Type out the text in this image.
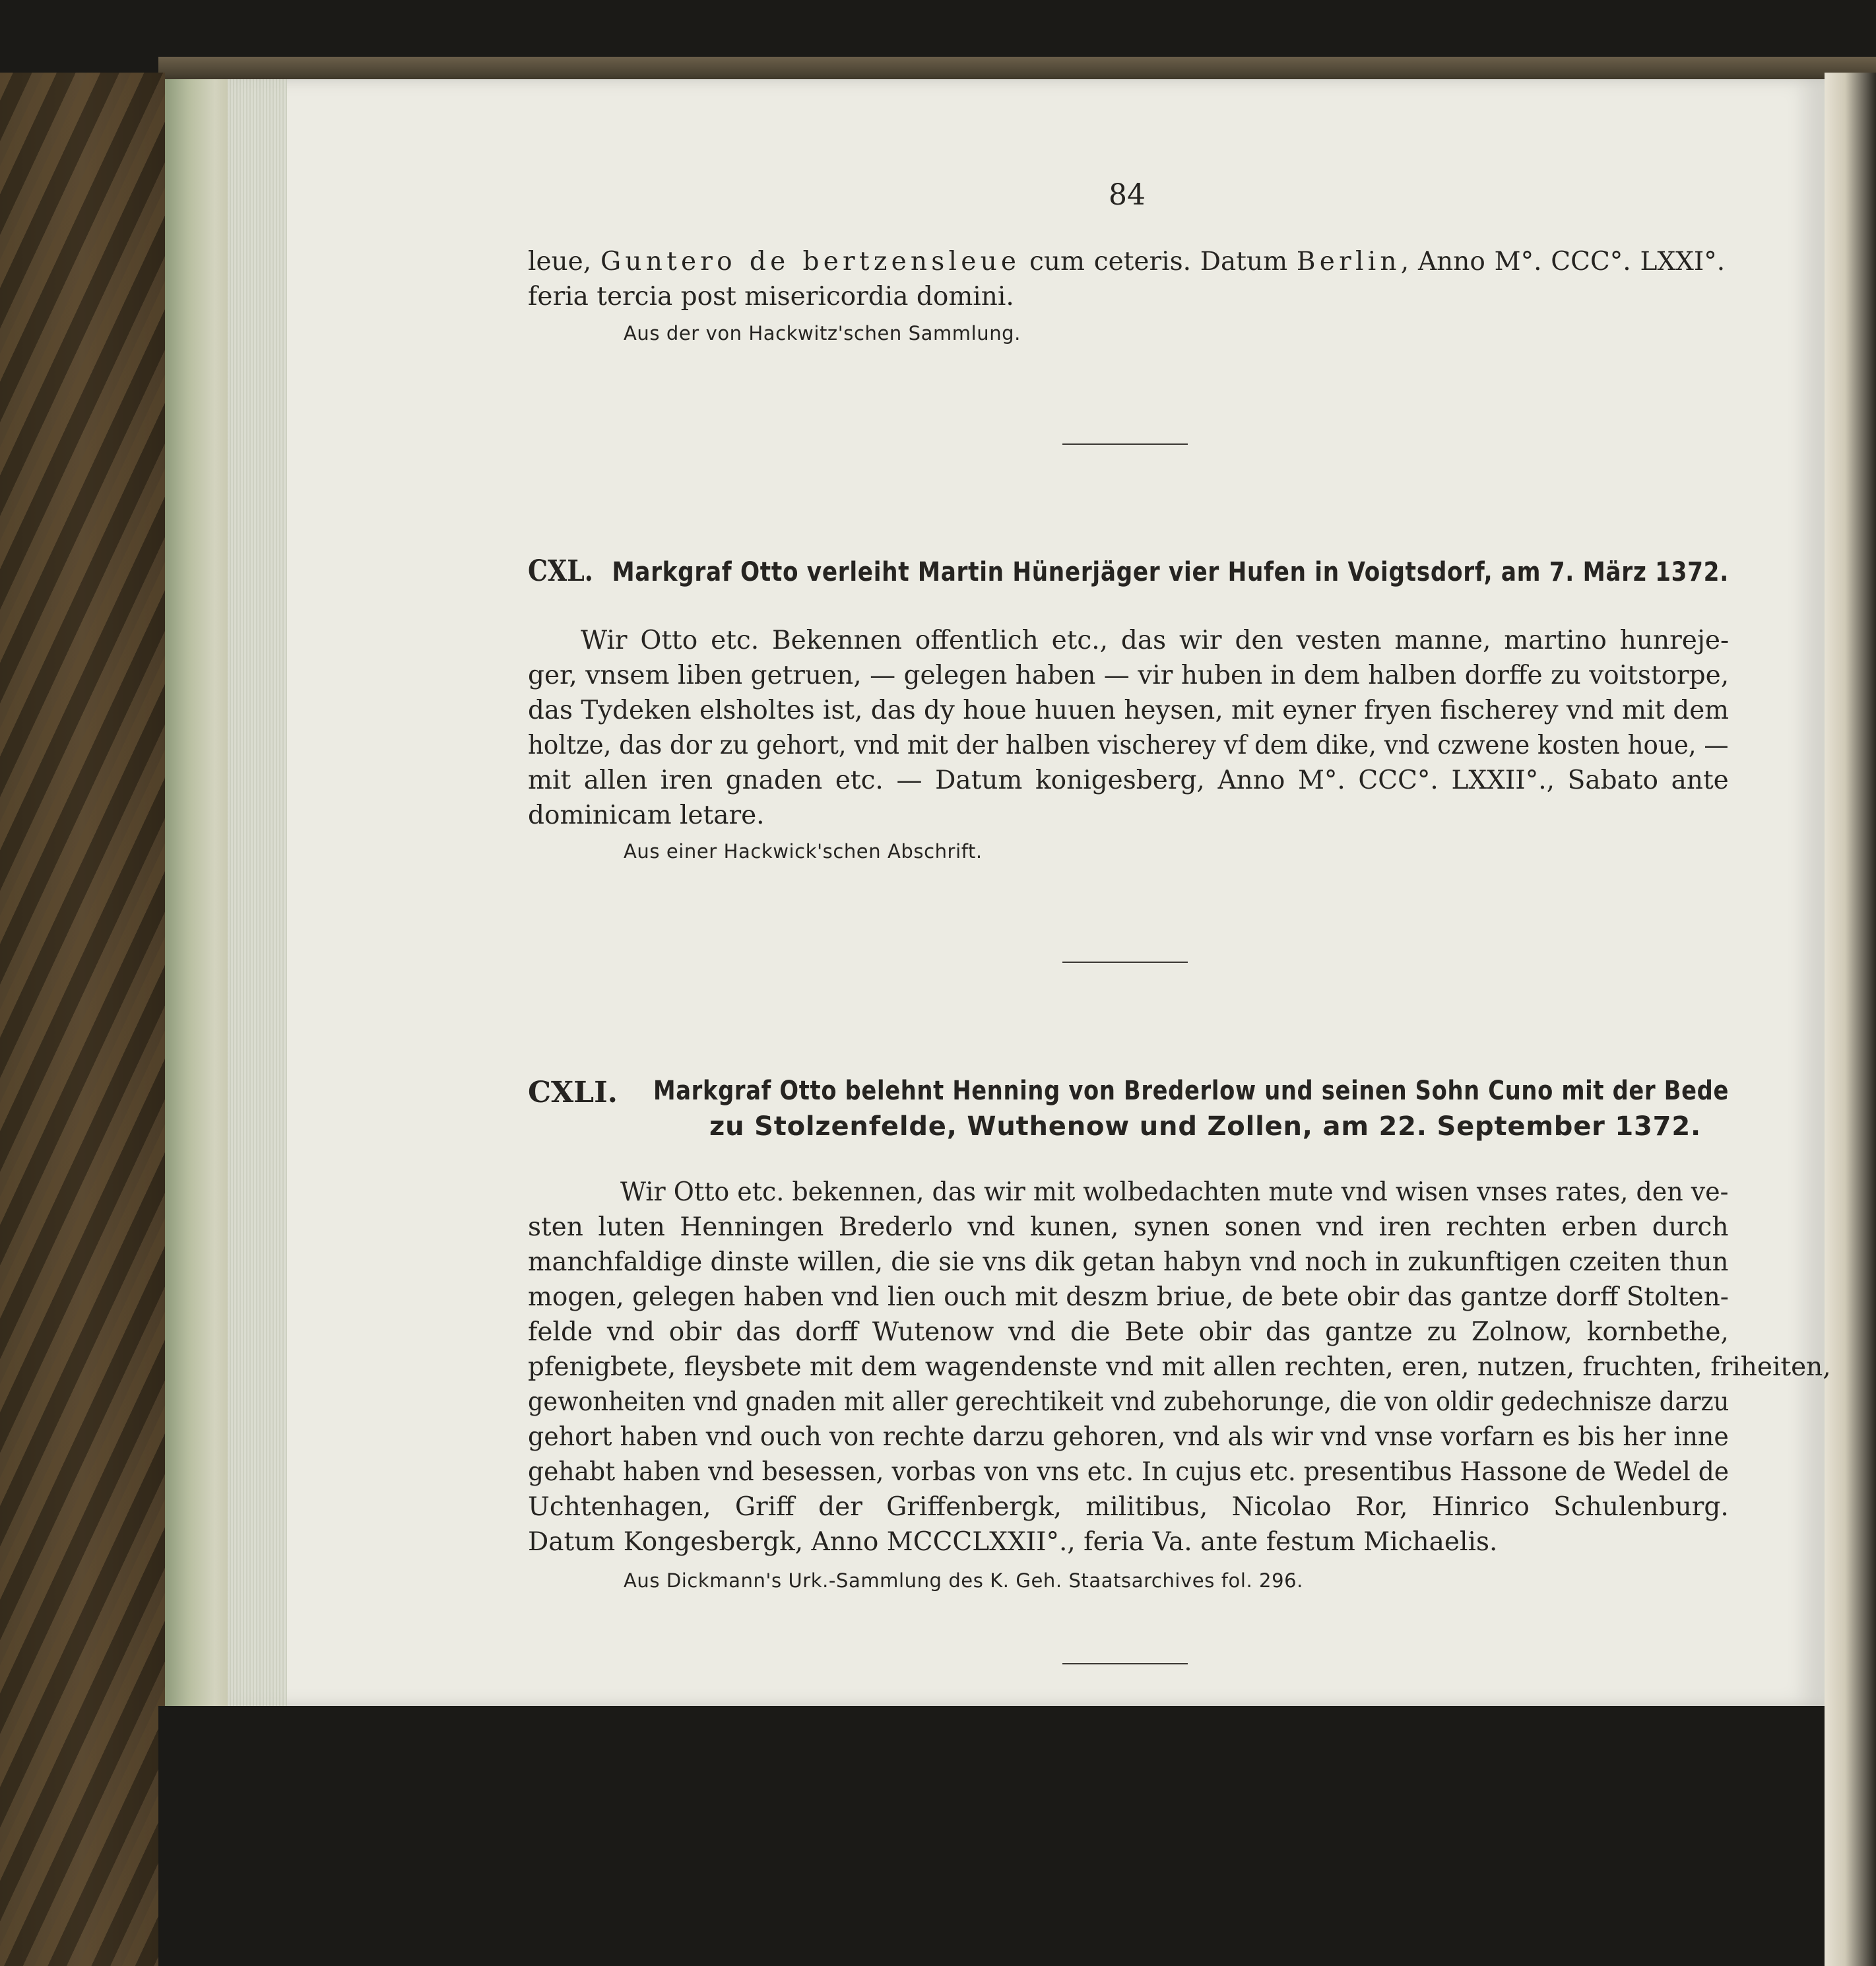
84
leue, Guntero de bertzensleue cum ceteris. Datum Berlin, Anno M°. CCC°. LXXI°.
feria tercia post misericordia domini.
Aus der von Hackwitz'schen Sammlung.
CXL. Markgraf Otto verleiht Martin Hünerjäger vier Hufen in Voigtsdorf, am 7. März 1372.
Wir Otto etc. Bekennen offentlich etc., das wir den vesten manne, martino hunreje-
ger, vnsem liben getruen, — gelegen haben — vir huben in dem halben dorffe zu voitstorpe,
das Tydeken elsholtes ist, das dy houe huuen heysen, mit eyner fryen fischerey vnd mit dem
holtze, das dor zu gehort, vnd mit der halben vischerey vf dem dike, vnd czwene kosten houe, —
mit allen iren gnaden etc. — Datum konigesberg, Anno M°. CCC°. LXXII°., Sabato ante
dominicam letare.
Aus einer Hackwick'schen Abschrift.
CXLI. Markgraf Otto belehnt Henning von Brederlow und seinen Sohn Cuno mit der Bede
zu Stolzenfelde, Wuthenow und Zollen, am 22. September 1372.
Wir Otto etc. bekennen, das wir mit wolbedachten mute vnd wisen vnses rates, den ve-
sten luten Henningen Brederlo vnd kunen, synen sonen vnd iren rechten erben durch
manchfaldige dinste willen, die sie vns dik getan habyn vnd noch in zukunftigen czeiten thun
mogen, gelegen haben vnd lien ouch mit deszm briue, de bete obir das gantze dorff Stolten-
felde vnd obir das dorff Wutenow vnd die Bete obir das gantze zu Zolnow, kornbethe,
pfenigbete, fleysbete mit dem wagendenste vnd mit allen rechten, eren, nutzen, fruchten, friheiten,
gewonheiten vnd gnaden mit aller gerechtikeit vnd zubehorunge, die von oldir gedechnisze darzu
gehort haben vnd ouch von rechte darzu gehoren, vnd als wir vnd vnse vorfarn es bis her inne
gehabt haben vnd besessen, vorbas von vns etc. In cujus etc. presentibus Hassone de Wedel de
Uchtenhagen, Griff der Griffenbergk, militibus, Nicolao Ror, Hinrico Schulenburg.
Datum Kongesbergk, Anno MCCCLXXII°., feria Va. ante festum Michaelis.
Aus Dickmann's Urk.-Sammlung des K. Geh. Staatsarchives fol. 296.
